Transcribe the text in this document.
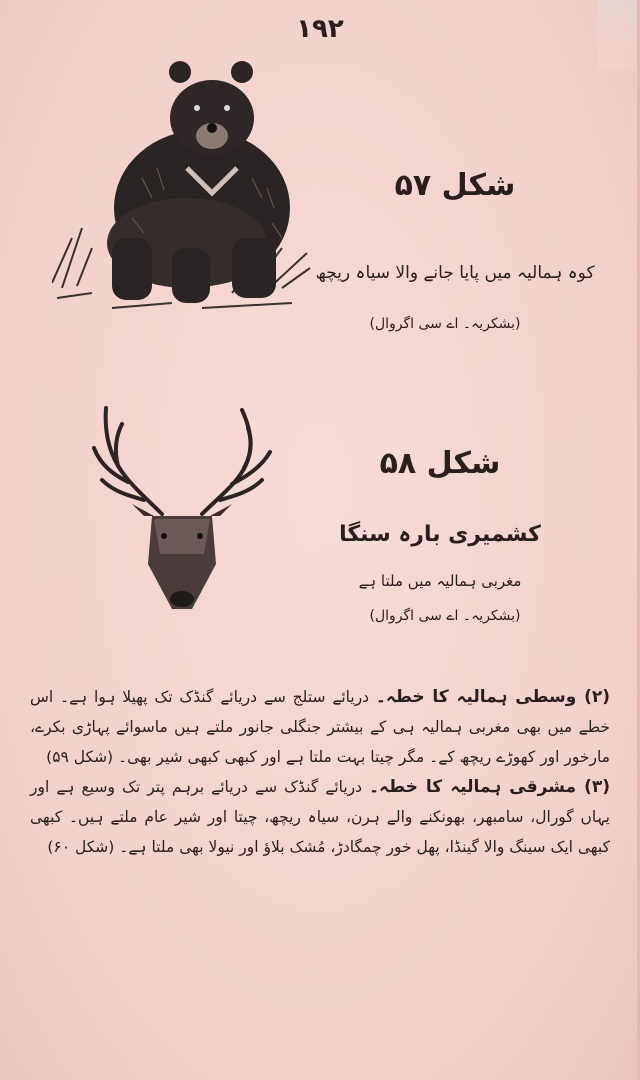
۱۹۲
شکل ۵۷
کوہ ہمالیہ میں پایا جانے والا سیاہ ریچھ
(بشکریہ۔ اے سی اگروال)
شکل ۵۸
کشمیری بارہ سنگا
مغربی ہمالیہ میں ملتا ہے
(بشکریہ۔ اے سی اگروال)

(۲) وسطی ہمالیہ کا خطہ۔ دریائے ستلج سے دریائے گنڈک تک پھیلا ہوا ہے۔ اس خطے میں بھی مغربی ہمالیہ ہی کے بیشتر جنگلی جانور ملتے ہیں ماسوائے پہاڑی بکرے، مارخور اور کھوڑے ریچھ کے۔ مگر چیتا بہت ملتا ہے اور کبھی کبھی شیر بھی۔ (شکل ۵۹)

(۳) مشرقی ہمالیہ کا خطہ۔ دریائے گنڈک سے دریائے برہم پتر تک وسیع ہے اور یہاں گورال، سامبھر، بھونکنے والے ہرن، سیاہ ریچھ، چیتا اور شیر عام ملتے ہیں۔ کبھی کبھی ایک سینگ والا گینڈا، پھل خور چمگادڑ، مُشک بلاؤ اور نیولا بھی ملتا ہے۔ (شکل ۶۰)
